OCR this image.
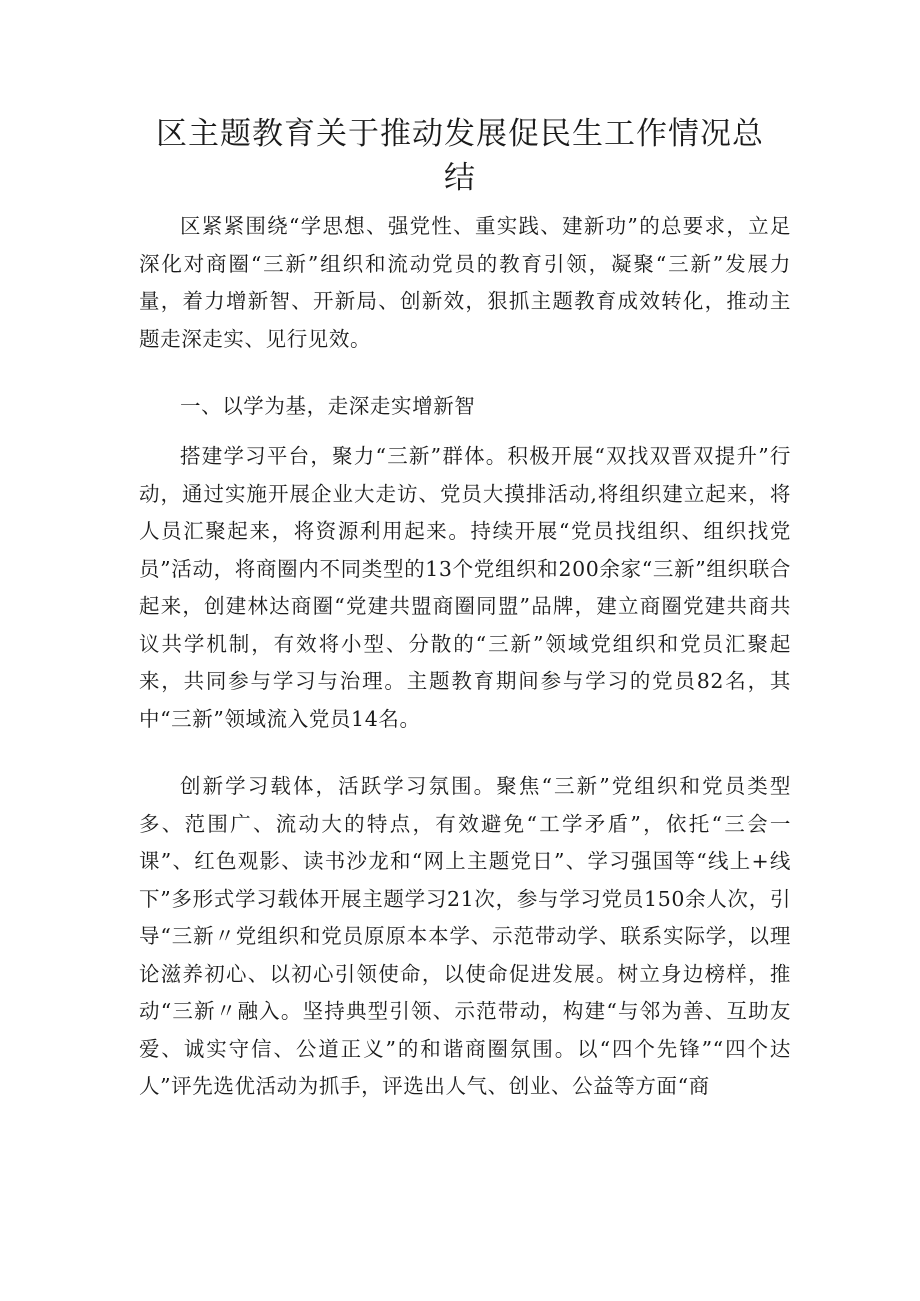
区主题教育关于推动发展促民生工作情况总结

区紧紧围绕“学思想、强党性、重实践、建新功”的总要求，立足深化对商圈“三新”组织和流动党员的教育引领，凝聚“三新”发展力量，着力增新智、开新局、创新效，狠抓主题教育成效转化，推动主题走深走实、见行见效。

一、以学为基，走深走实增新智

搭建学习平台，聚力“三新”群体。积极开展“双找双晋双提升”行动，通过实施开展企业大走访、党员大摸排活动,将组织建立起来，将人员汇聚起来，将资源利用起来。持续开展“党员找组织、组织找党员”活动，将商圈内不同类型的13个党组织和200余家“三新”组织联合起来，创建林达商圈“党建共盟商圈同盟”品牌，建立商圈党建共商共议共学机制，有效将小型、分散的“三新”领域党组织和党员汇聚起来，共同参与学习与治理。主题教育期间参与学习的党员82名，其中“三新”领域流入党员14名。

创新学习载体，活跃学习氛围。聚焦“三新”党组织和党员类型多、范围广、流动大的特点，有效避免“工学矛盾”，依托“三会一课”、红色观影、读书沙龙和“网上主题党日”、学习强国等“线上+线下”多形式学习载体开展主题学习21次，参与学习党员150余人次，引导“三新〃党组织和党员原原本本学、示范带动学、联系实际学，以理论滋养初心、以初心引领使命，以使命促进发展。树立身边榜样，推动“三新〃融入。坚持典型引领、示范带动，构建“与邻为善、互助友爱、诚实守信、公道正义”的和谐商圈氛围。以“四个先锋”“四个达人”评先选优活动为抓手，评选出人气、创业、公益等方面“商
